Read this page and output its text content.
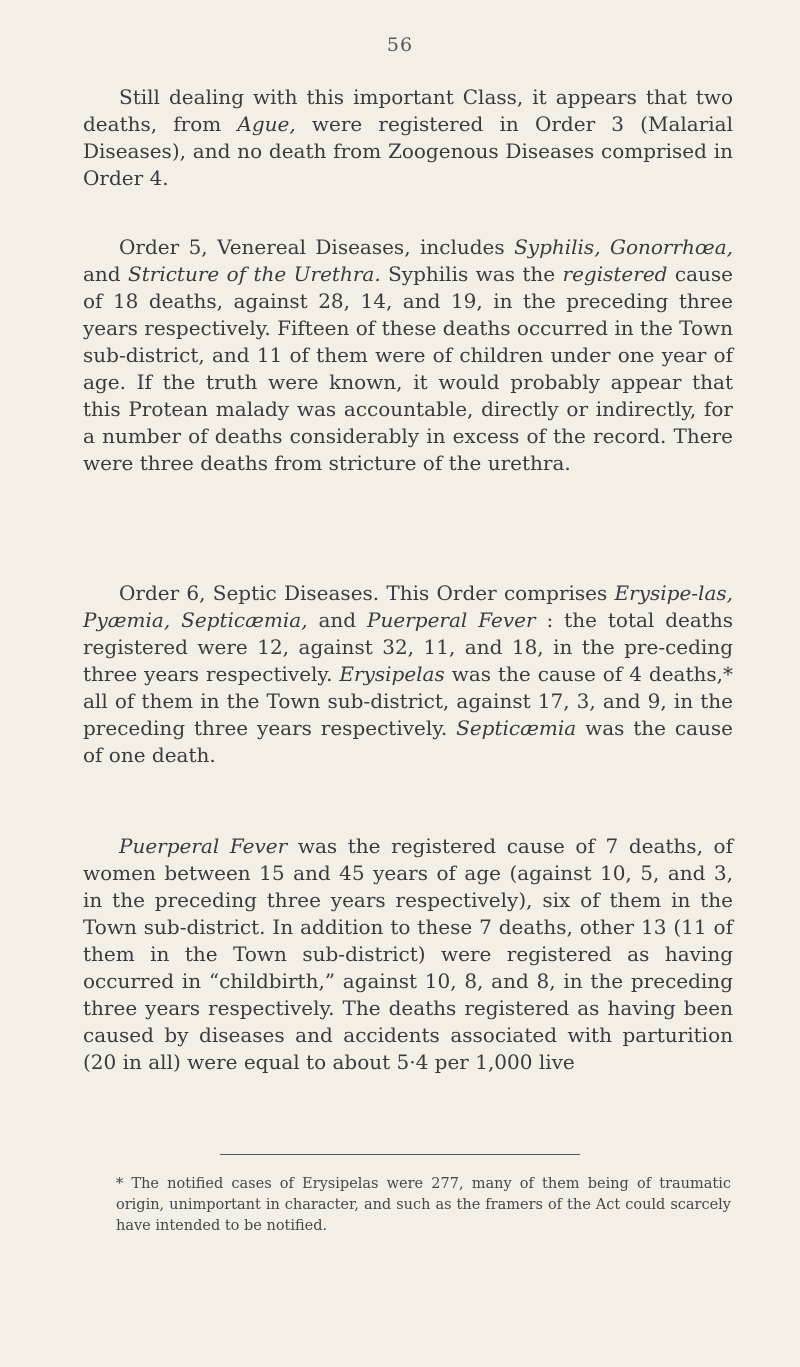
56

Still dealing with this important Class, it appears that two deaths, from Ague, were registered in Order 3 (Malarial Diseases), and no death from Zoogenous Diseases comprised in Order 4.

Order 5, Venereal Diseases, includes Syphilis, Gonorrhœa, and Stricture of the Urethra. Syphilis was the registered cause of 18 deaths, against 28, 14, and 19, in the preceding three years respectively. Fifteen of these deaths occurred in the Town sub-district, and 11 of them were of children under one year of age. If the truth were known, it would probably appear that this Protean malady was accountable, directly or indirectly, for a number of deaths considerably in excess of the record. There were three deaths from stricture of the urethra.

Order 6, Septic Diseases. This Order comprises Erysipe-las, Pyæmia, Septicæmia, and Puerperal Fever : the total deaths registered were 12, against 32, 11, and 18, in the pre-ceding three years respectively. Erysipelas was the cause of 4 deaths,* all of them in the Town sub-district, against 17, 3, and 9, in the preceding three years respectively. Septicæmia was the cause of one death.

Puerperal Fever was the registered cause of 7 deaths, of women between 15 and 45 years of age (against 10, 5, and 3, in the preceding three years respectively), six of them in the Town sub-district. In addition to these 7 deaths, other 13 (11 of them in the Town sub-district) were registered as having occurred in “childbirth,” against 10, 8, and 8, in the preceding three years respectively. The deaths registered as having been caused by diseases and accidents associated with parturition (20 in all) were equal to about 5·4 per 1,000 live

* The notified cases of Erysipelas were 277, many of them being of traumatic origin, unimportant in character, and such as the framers of the Act could scarcely have intended to be notified.
